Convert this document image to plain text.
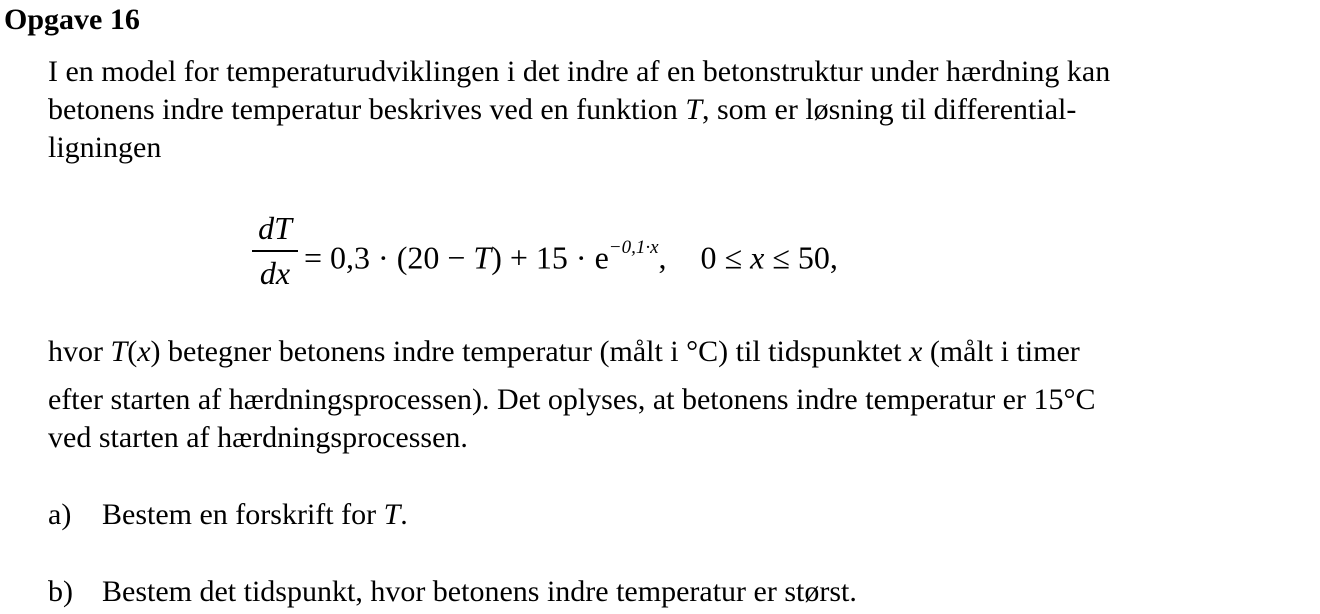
Opgave 16
I en model for temperaturudviklingen i det indre af en betonstruktur under hærdning kan
betonens indre temperatur beskrives ved en funktion T, som er løsning til differential-
ligningen
dT
dx = $0,3 \cdot (20 - T) + 15 \cdot e^{-0,1\cdot x}$, 0 ≤ x ≤ 50,
hvor T(x) betegner betonens indre temperatur (målt i °C) til tidspunktet x (målt i timer
efter starten af hærdningsprocessen). Det oplyses, at betonens indre temperatur er 15°C
ved starten af hærdningsprocessen.
a) Bestem en forskrift for T.
b) Bestem det tidspunkt, hvor betonens indre temperatur er størst.
